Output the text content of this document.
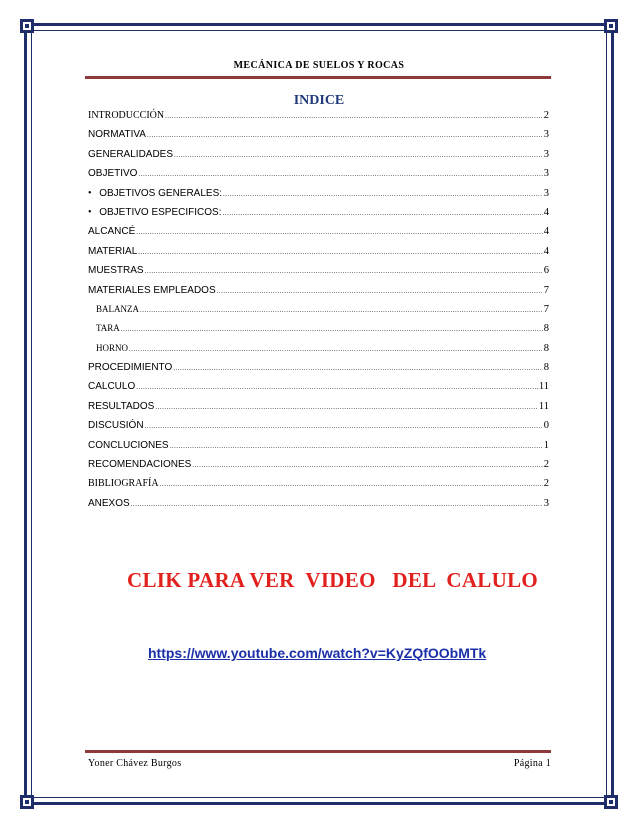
MECÁNICA DE SUELOS Y ROCAS
INDICE
INTRODUCCIÓN .....	2
NORMATIVA .....	3
GENERALIDADES .....	3
OBJETIVO .....	3
• OBJETIVOS GENERALES: .....	3
• OBJETIVO ESPECIFICOS: .....	4
ALCANCÉ .....	4
MATERIAL .....	4
MUESTRAS .....	6
MATERIALES EMPLEADOS .....	7
BALANZA .....	7
TARA .....	8
HORNO .....	8
PROCEDIMIENTO .....	8
CALCULO .....	11
RESULTADOS .....	11
DISCUSIÓN .....	0
CONCLUCIONES .....	1
RECOMENDACIONES .....	2
BIBLIOGRAFÍA .....	2
ANEXOS .....	3
CLIK PARA VER  VIDEO   DEL  CALULO
https://www.youtube.com/watch?v=KyZQfOObMTk
Yoner Chávez Burgos	Página 1
